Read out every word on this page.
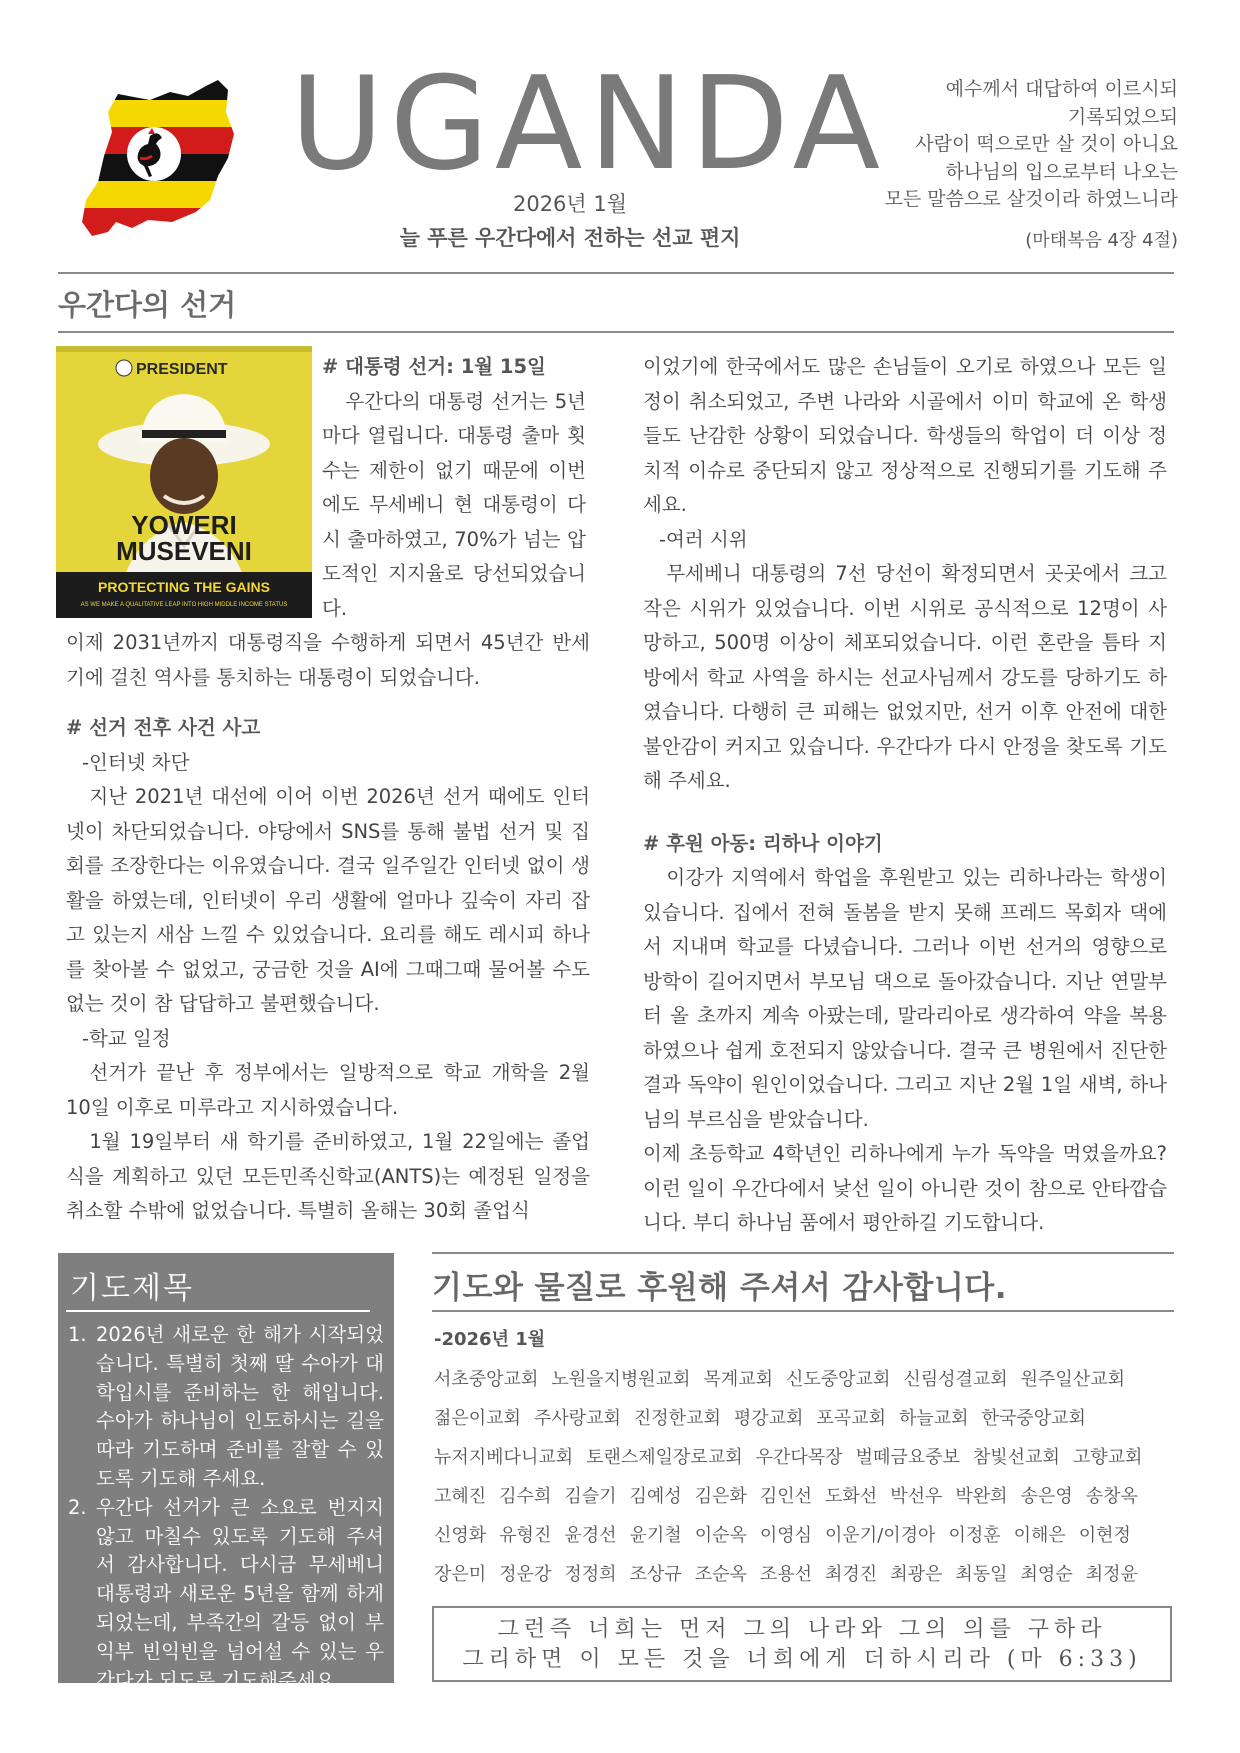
UGANDA
2026년 1월
늘 푸른 우간다에서 전하는 선교 편지
예수께서 대답하여 이르시되
기록되었으되
사람이 떡으로만 살 것이 아니요
하나님의 입으로부터 나오는
모든 말씀으로 살것이라 하였느니라
(마태복음 4장 4절)
우간다의 선거
PRESIDENT
YOWERI
MUSEVENI
PROTECTING THE GAINS
AS WE MAKE A QUALITATIVE LEAP INTO HIGH MIDDLE INCOME STATUS
# 대통령 선거: 1월 15일
우간다의 대통령 선거는 5년마다 열립니다. 대통령 출마 횟수는 제한이 없기 때문에 이번에도 무세베니 현 대통령이 다시 출마하였고, 70%가 넘는 압도적인 지지율로 당선되었습니다.
이제 2031년까지 대통령직을 수행하게 되면서 45년간 반세기에 걸친 역사를 통치하는 대통령이 되었습니다.
# 선거 전후 사건 사고
-인터넷 차단
지난 2021년 대선에 이어 이번 2026년 선거 때에도 인터넷이 차단되었습니다. 야당에서 SNS를 통해 불법 선거 및 집회를 조장한다는 이유였습니다. 결국 일주일간 인터넷 없이 생활을 하였는데, 인터넷이 우리 생활에 얼마나 깊숙이 자리 잡고 있는지 새삼 느낄 수 있었습니다. 요리를 해도 레시피 하나를 찾아볼 수 없었고, 궁금한 것을 AI에 그때그때 물어볼 수도 없는 것이 참 답답하고 불편했습니다.
-학교 일정
선거가 끝난 후 정부에서는 일방적으로 학교 개학을 2월 10일 이후로 미루라고 지시하였습니다.
1월 19일부터 새 학기를 준비하였고, 1월 22일에는 졸업식을 계획하고 있던 모든민족신학교(ANTS)는 예정된 일정을 취소할 수밖에 없었습니다. 특별히 올해는 30회 졸업식
이었기에 한국에서도 많은 손님들이 오기로 하였으나 모든 일정이 취소되었고, 주변 나라와 시골에서 이미 학교에 온 학생들도 난감한 상황이 되었습니다. 학생들의 학업이 더 이상 정치적 이슈로 중단되지 않고 정상적으로 진행되기를 기도해 주세요.
-여러 시위
무세베니 대통령의 7선 당선이 확정되면서 곳곳에서 크고 작은 시위가 있었습니다. 이번 시위로 공식적으로 12명이 사망하고, 500명 이상이 체포되었습니다. 이런 혼란을 틈타 지방에서 학교 사역을 하시는 선교사님께서 강도를 당하기도 하였습니다. 다행히 큰 피해는 없었지만, 선거 이후 안전에 대한 불안감이 커지고 있습니다. 우간다가 다시 안정을 찾도록 기도해 주세요.
# 후원 아동: 리하나 이야기
이강가 지역에서 학업을 후원받고 있는 리하나라는 학생이 있습니다. 집에서 전혀 돌봄을 받지 못해 프레드 목회자 댁에서 지내며 학교를 다녔습니다. 그러나 이번 선거의 영향으로 방학이 길어지면서 부모님 댁으로 돌아갔습니다. 지난 연말부터 올 초까지 계속 아팠는데, 말라리아로 생각하여 약을 복용하였으나 쉽게 호전되지 않았습니다. 결국 큰 병원에서 진단한 결과 독약이 원인이었습니다. 그리고 지난 2월 1일 새벽, 하나님의 부르심을 받았습니다.
이제 초등학교 4학년인 리하나에게 누가 독약을 먹였을까요? 이런 일이 우간다에서 낯선 일이 아니란 것이 참으로 안타깝습니다. 부디 하나님 품에서 평안하길 기도합니다.
기도제목
1. 2026년 새로운 한 해가 시작되었습니다. 특별히 첫째 딸 수아가 대학입시를 준비하는 한 해입니다. 수아가 하나님이 인도하시는 길을 따라 기도하며 준비를 잘할 수 있도록 기도해 주세요.
2. 우간다 선거가 큰 소요로 번지지 않고 마칠수 있도록 기도해 주셔서 감사합니다. 다시금 무세베니 대통령과 새로운 5년을 함께 하게 되었는데, 부족간의 갈등 없이 부익부 빈익빈을 넘어설 수 있는 우간다가 되도록 기도해주세요.
기도와 물질로 후원해 주셔서 감사합니다.
-2026년 1월
서초중앙교회 노원을지병원교회 목계교회 신도중앙교회 신림성결교회 원주일산교회
젊은이교회 주사랑교회 진정한교회 평강교회 포곡교회 하늘교회 한국중앙교회
뉴저지베다니교회 토랜스제일장로교회 우간다목장 벌떼금요중보 참빛선교회 고향교회
고혜진 김수희 김슬기 김예성 김은화 김인선 도화선 박선우 박완희 송은영 송창옥
신영화 유형진 윤경선 윤기철 이순옥 이영심 이운기/이경아 이정훈 이해은 이현정
장은미 정운강 정정희 조상규 조순옥 조용선 최경진 최광은 최동일 최영순 최정윤
그런즉 너희는 먼저 그의 나라와 그의 의를 구하라
그리하면 이 모든 것을 너희에게 더하시리라 (마 6:33)
